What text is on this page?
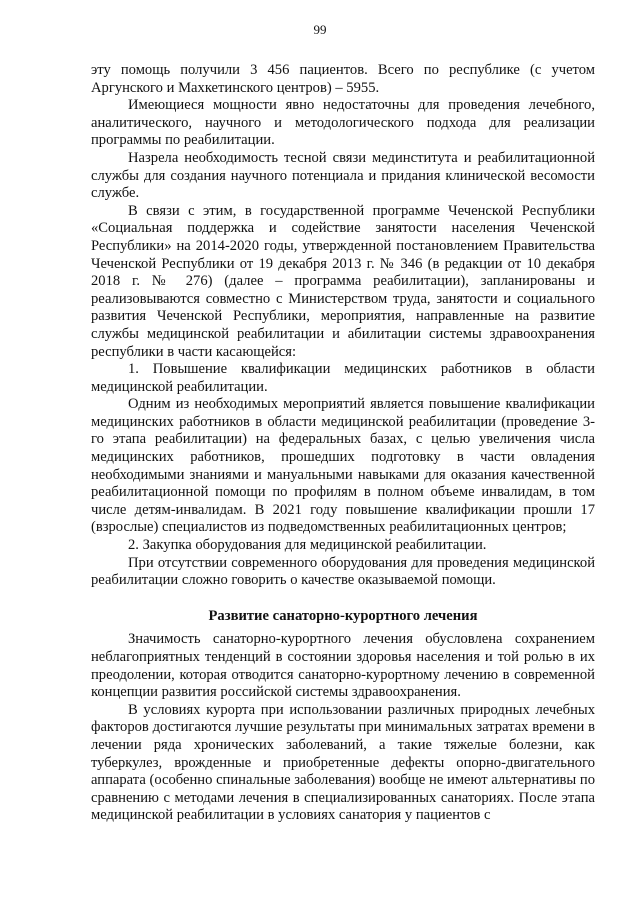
99

эту помощь получили 3 456 пациентов. Всего по республике (с учетом Аргунского и Махкетинского центров) – 5955.

Имеющиеся мощности явно недостаточны для проведения лечебного, аналитического, научного и методологического подхода для реализации программы по реабилитации.

Назрела необходимость тесной связи мединститута и реабилитационной службы для создания научного потенциала и придания клинической весомости службе.

В связи с этим, в государственной программе Чеченской Республики «Социальная поддержка и содействие занятости населения Чеченской Республики» на 2014-2020 годы, утвержденной постановлением Правительства Чеченской Республики от 19 декабря 2013 г. № 346 (в редакции от 10 декабря 2018 г. № 276) (далее – программа реабилитации), запланированы и реализовываются совместно с Министерством труда, занятости и социального развития Чеченской Республики, мероприятия, направленные на развитие службы медицинской реабилитации и абилитации системы здравоохранения республики в части касающейся:

1. Повышение квалификации медицинских работников в области медицинской реабилитации.

Одним из необходимых мероприятий является повышение квалификации медицинских работников в области медицинской реабилитации (проведение 3-го этапа реабилитации) на федеральных базах, с целью увеличения числа медицинских работников, прошедших подготовку в части овладения необходимыми знаниями и мануальными навыками для оказания качественной реабилитационной помощи по профилям в полном объеме инвалидам, в том числе детям-инвалидам. В 2021 году повышение квалификации прошли 17 (взрослые) специалистов из подведомственных реабилитационных центров;

2. Закупка оборудования для медицинской реабилитации.

При отсутствии современного оборудования для проведения медицинской реабилитации сложно говорить о качестве оказываемой помощи.

Развитие санаторно-курортного лечения

Значимость санаторно-курортного лечения обусловлена сохранением неблагоприятных тенденций в состоянии здоровья населения и той ролью в их преодолении, которая отводится санаторно-курортному лечению в современной концепции развития российской системы здравоохранения.

В условиях курорта при использовании различных природных лечебных факторов достигаются лучшие результаты при минимальных затратах времени в лечении ряда хронических заболеваний, а такие тяжелые болезни, как туберкулез, врожденные и приобретенные дефекты опорно-двигательного аппарата (особенно спинальные заболевания) вообще не имеют альтернативы по сравнению с методами лечения в специализированных санаториях. После этапа медицинской реабилитации в условиях санатория у пациентов с
